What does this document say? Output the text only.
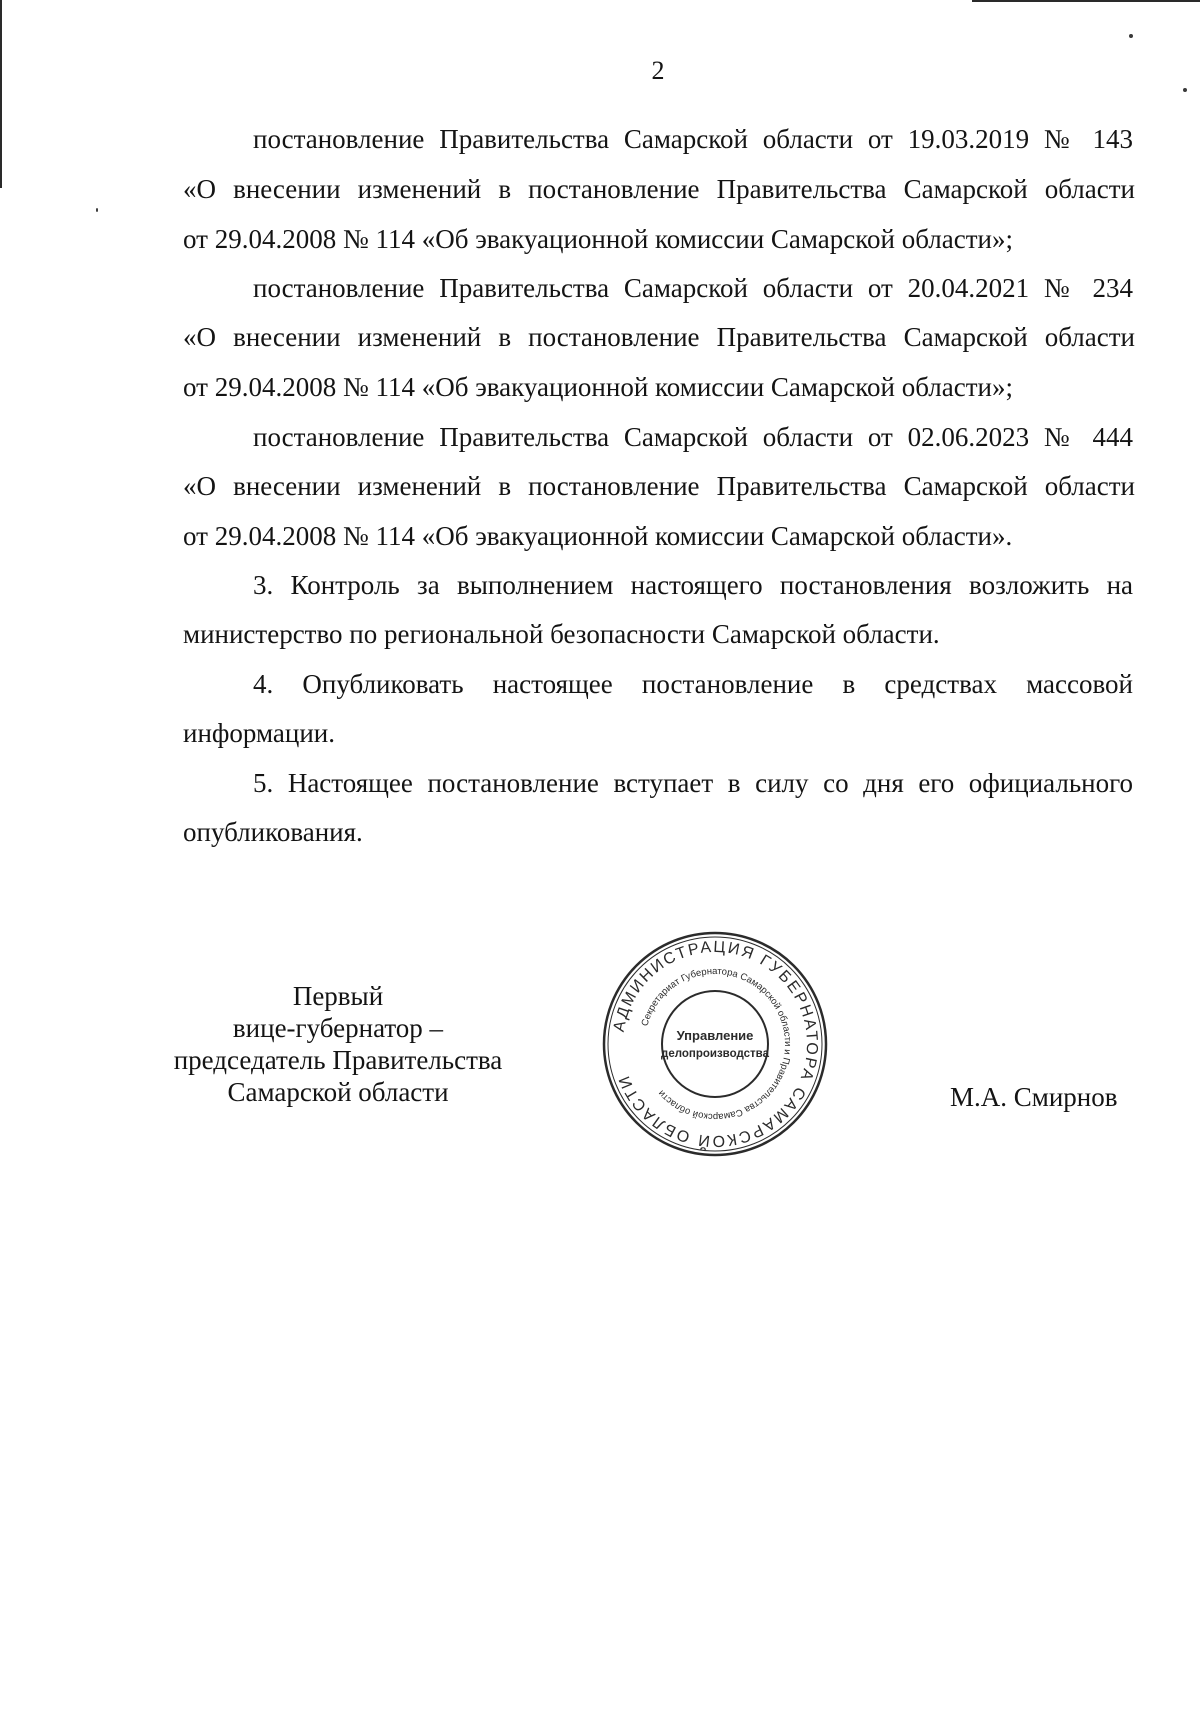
2
постановление Правительства Самарской области от 19.03.2019 № 143
«О внесении изменений в постановление Правительства Самарской области
от 29.04.2008 № 114 «Об эвакуационной комиссии Самарской области»;
постановление Правительства Самарской области от 20.04.2021 № 234
«О внесении изменений в постановление Правительства Самарской области
от 29.04.2008 № 114 «Об эвакуационной комиссии Самарской области»;
постановление Правительства Самарской области от 02.06.2023 № 444
«О внесении изменений в постановление Правительства Самарской области
от 29.04.2008 № 114 «Об эвакуационной комиссии Самарской области».
3. Контроль за выполнением настоящего постановления возложить на
министерство по региональной безопасности Самарской области.
4. Опубликовать настоящее постановление в средствах массовой
информации.
5. Настоящее постановление вступает в силу со дня его официального
опубликования.
Первый
вице-губернатор –
председатель Правительства
Самарской области
АДМИНИСТРАЦИЯ ГУБЕРНАТОРА САМАРСКОЙ ОБЛАСТИ
Секретариат Губернатора Самарской области и Правительства Самарской области
Управление
делопроизводства
М.А. Смирнов
